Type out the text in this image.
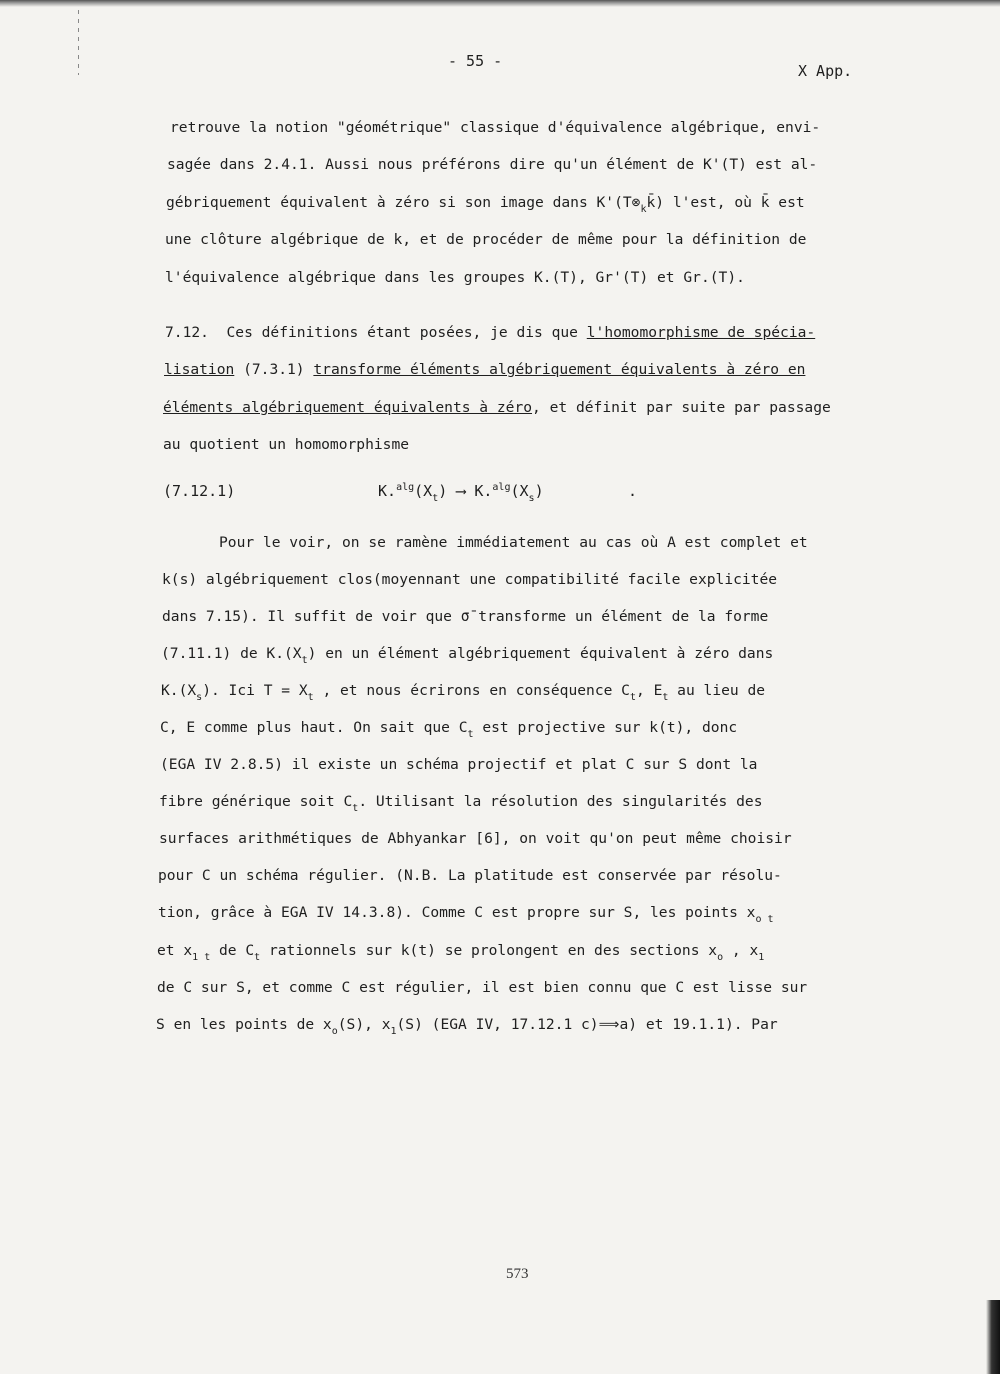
- 55 -
X App.
retrouve la notion "géométrique" classique d'équivalence algébrique, envi-
sagée dans 2.4.1. Aussi nous préférons dire qu'un élément de K'(T) est al-
gébriquement équivalent à zéro si son image dans $K'(T\otimes_kk̄)$ l'est, où k̄ est
une clôture algébrique de k, et de procéder de même pour la définition de
l'équivalence algébrique dans les groupes K.(T), Gr'(T) et Gr.(T).
7.12.  Ces définitions étant posées, je dis que l'homomorphisme de spécia-
lisation (7.3.1) transforme éléments algébriquement équivalents à zéro en
éléments algébriquement équivalents à zéro, et définit par suite par passage
au quotient un homomorphisme
(7.12.1)	$K.^{alg}(X_t)$ ⟶ $K.^{alg}(X_s)$	.
Pour le voir, on se ramène immédiatement au cas où A est complet et
k(s) algébriquement clos(moyennant une compatibilité facile explicitée
dans 7.15). Il suffit de voir que σ̄ transforme un élément de la forme
(7.11.1) de $K.(X_t)$ en un élément algébriquement équivalent à zéro dans
$K.(X_s)$. Ici $T = X_t$ , et nous écrirons en conséquence $C_t$, $E_t$ au lieu de
C, E comme plus haut. On sait que $C_t$ est projective sur k(t), donc
(EGA IV 2.8.5) il existe un schéma projectif et plat C sur S dont la
fibre générique soit $C_t$. Utilisant la résolution des singularités des
surfaces arithmétiques de Abhyankar [6], on voit qu'on peut même choisir
pour C un schéma régulier. (N.B. La platitude est conservée par résolu-
tion, grâce à EGA IV 14.3.8). Comme C est propre sur S, les points $x_{o t}$
et $x_{1 t}$ de $C_t$ rationnels sur k(t) se prolongent en des sections $x_o$ , $x_1$
de C sur S, et comme C est régulier, il est bien connu que C est lisse sur
S en les points de $x_o(S)$, $x_1(S)$ (EGA IV, 17.12.1 c)⟹a) et 19.1.1). Par
573
